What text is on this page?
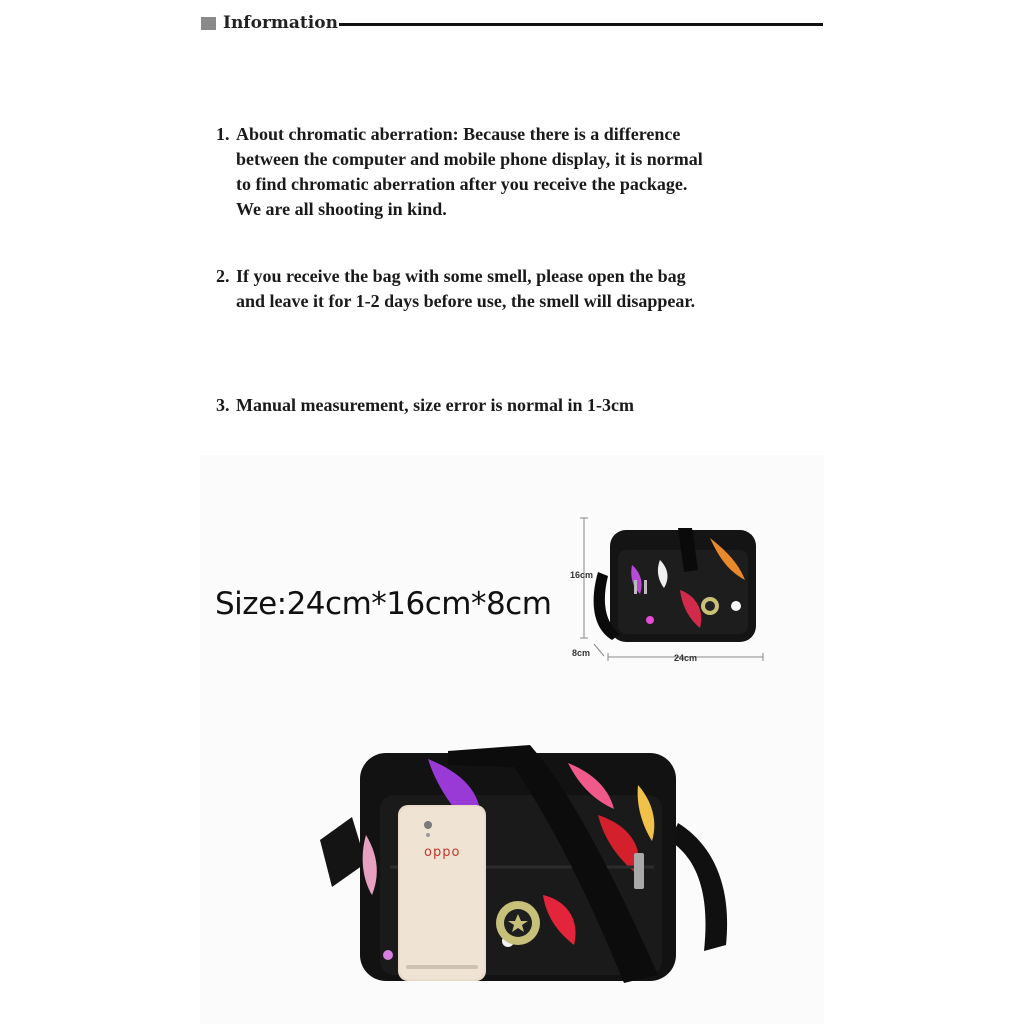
Information
1. About chromatic aberration: Because there is a difference
between the computer and mobile phone display, it is normal
to find chromatic aberration after you receive the package.
We are all shooting in kind.
2. If you receive the bag with some smell, please open the bag
and leave it for 1-2 days before use, the smell will disappear.
3. Manual measurement, size error is normal in 1-3cm
Size:24cm*16cm*8cm
16cm
8cm	24cm
oppo
